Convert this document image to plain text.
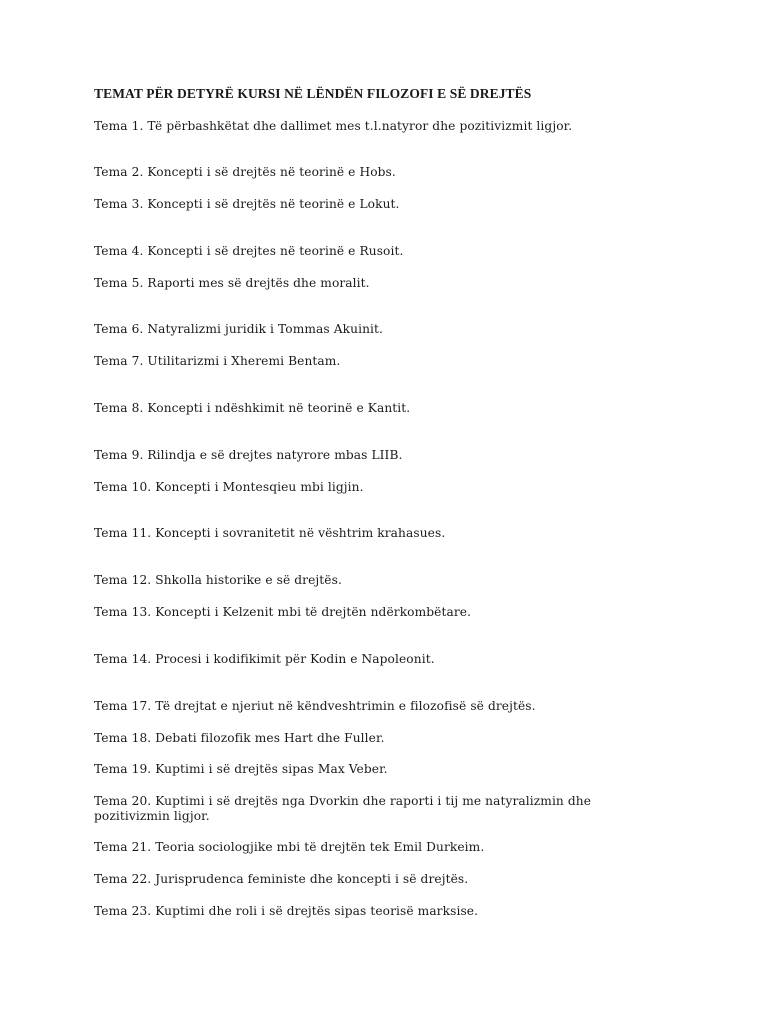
TEMAT PËR DETYRË KURSI NË LËNDËN FILOZOFI E SË DREJTËS
Tema 1. Të përbashkëtat dhe dallimet mes t.l.natyror dhe pozitivizmit ligjor.
Tema 2. Koncepti i së drejtës në teorinë e Hobs.
Tema 3. Koncepti i së drejtës në teorinë e Lokut.
Tema 4. Koncepti i së drejtes në teorinë e Rusoit.
Tema 5. Raporti mes së drejtës dhe moralit.
Tema 6. Natyralizmi juridik i Tommas Akuinit.
Tema 7. Utilitarizmi i Xheremi Bentam.
Tema 8. Koncepti i ndëshkimit në teorinë e Kantit.
Tema 9. Rilindja e së drejtes natyrore mbas LIIB.
Tema 10. Koncepti i Montesqieu mbi ligjin.
Tema 11. Koncepti i sovranitetit në vështrim krahasues.
Tema 12. Shkolla historike e së drejtës.
Tema 13. Koncepti i Kelzenit mbi të drejtën ndërkombëtare.
Tema 14. Procesi i kodifikimit për Kodin e Napoleonit.
Tema 17. Të drejtat e njeriut në këndveshtrimin e filozofisë së drejtës.
Tema 18. Debati filozofik mes Hart dhe Fuller.
Tema 19. Kuptimi i së drejtës sipas Max Veber.
Tema 20. Kuptimi i së drejtës nga Dvorkin dhe raporti i tij me natyralizmin dhe pozitivizmin ligjor.
Tema 21. Teoria sociologjike mbi të drejtën tek Emil Durkeim.
Tema 22. Jurisprudenca feministe dhe koncepti i së drejtës.
Tema 23. Kuptimi dhe roli i së drejtës sipas teorisë marksise.
